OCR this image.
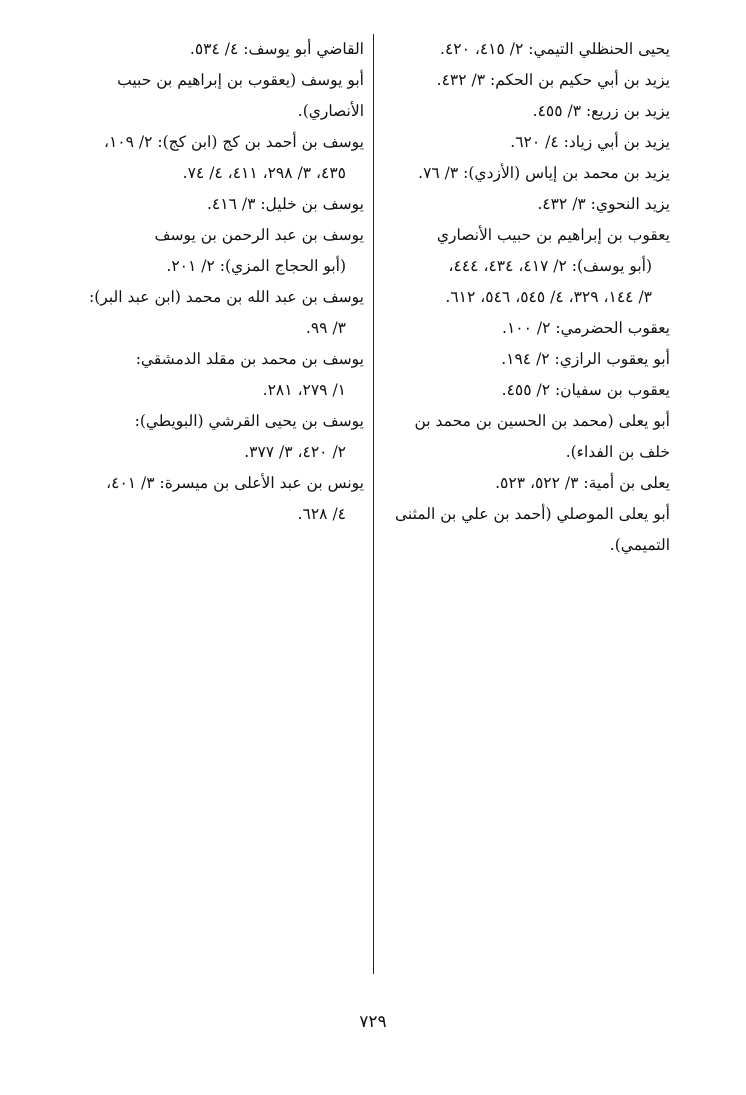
يحيى الحنظلي التيمي: ٢/ ٤١٥، ٤٢٠.
يزيد بن أبي حكيم بن الحكم: ٣/ ٤٣٢.
يزيد بن زريع: ٣/ ٤٥٥.
يزيد بن أبي زياد: ٤/ ٦٢٠.
يزيد بن محمد بن إياس (الأزدي): ٣/ ٧٦.
يزيد النحوي: ٣/ ٤٣٢.
يعقوب بن إبراهيم بن حبيب الأنصاري
(أبو يوسف): ٢/ ٤١٧، ٤٣٤، ٤٤٤،
٣/ ١٤٤، ٣٢٩، ٤/ ٥٤٥، ٥٤٦، ٦١٢.
يعقوب الحضرمي: ٢/ ١٠٠.
أبو يعقوب الرازي: ٢/ ١٩٤.
يعقوب بن سفيان: ٢/ ٤٥٥.
أبو يعلى (محمد بن الحسين بن محمد بن
خلف بن الفداء).
يعلى بن أمية: ٣/ ٥٢٢، ٥٢٣.
أبو يعلى الموصلي (أحمد بن علي بن المثنى
التميمي).
القاضي أبو يوسف: ٤/ ٥٣٤.
أبو يوسف (يعقوب بن إبراهيم بن حبيب
الأنصاري).
يوسف بن أحمد بن كج (ابن كج): ٢/ ١٠٩،
٤٣٥، ٣/ ٢٩٨، ٤١١، ٤/ ٧٤.
يوسف بن خليل: ٣/ ٤١٦.
يوسف بن عبد الرحمن بن يوسف
(أبو الحجاج المزي): ٢/ ٢٠١.
يوسف بن عبد الله بن محمد (ابن عبد البر):
٣/ ٩٩.
يوسف بن محمد بن مقلد الدمشقي:
١/ ٢٧٩، ٢٨١.
يوسف بن يحيى القرشي (البويطي):
٢/ ٤٢٠، ٣/ ٣٧٧.
يونس بن عبد الأعلى بن ميسرة: ٣/ ٤٠١،
٤/ ٦٢٨.
٧٢٩
